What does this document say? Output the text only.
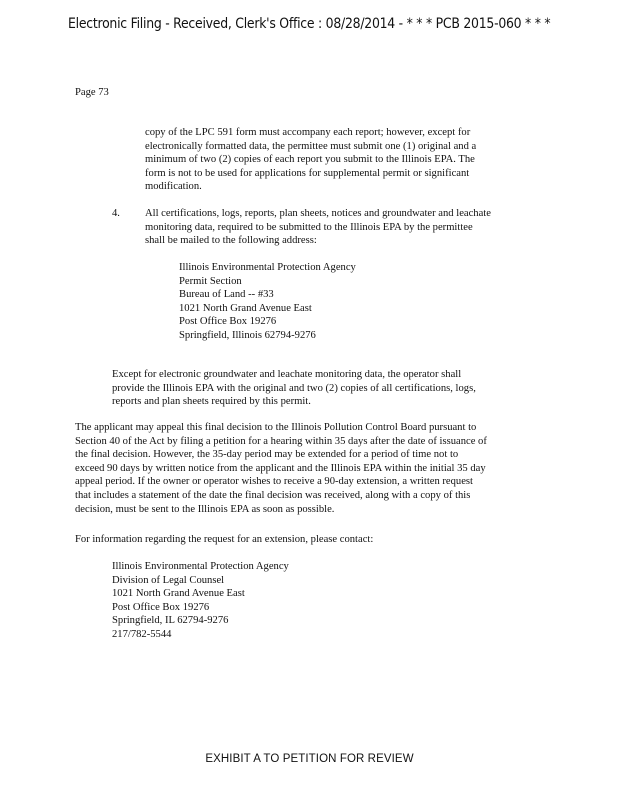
Electronic Filing - Received, Clerk's Office : 08/28/2014 - * * * PCB 2015-060 * * *
Page 73
copy of the LPC 591 form must accompany each report; however, except for
electronically formatted data, the permittee must submit one (1) original and a
minimum of two (2) copies of each report you submit to the Illinois EPA. The
form is not to be used for applications for supplemental permit or significant
modification.
4. All certifications, logs, reports, plan sheets, notices and groundwater and leachate
monitoring data, required to be submitted to the Illinois EPA by the permittee
shall be mailed to the following address:
Illinois Environmental Protection Agency
Permit Section
Bureau of Land -- #33
1021 North Grand Avenue East
Post Office Box 19276
Springfield, Illinois 62794-9276
Except for electronic groundwater and leachate monitoring data, the operator shall
provide the Illinois EPA with the original and two (2) copies of all certifications, logs,
reports and plan sheets required by this permit.
The applicant may appeal this final decision to the Illinois Pollution Control Board pursuant to
Section 40 of the Act by filing a petition for a hearing within 35 days after the date of issuance of
the final decision. However, the 35-day period may be extended for a period of time not to
exceed 90 days by written notice from the applicant and the Illinois EPA within the initial 35 day
appeal period. If the owner or operator wishes to receive a 90-day extension, a written request
that includes a statement of the date the final decision was received, along with a copy of this
decision, must be sent to the Illinois EPA as soon as possible.
For information regarding the request for an extension, please contact:
Illinois Environmental Protection Agency
Division of Legal Counsel
1021 North Grand Avenue East
Post Office Box 19276
Springfield, IL 62794-9276
217/782-5544
EXHIBIT A TO PETITION FOR REVIEW
